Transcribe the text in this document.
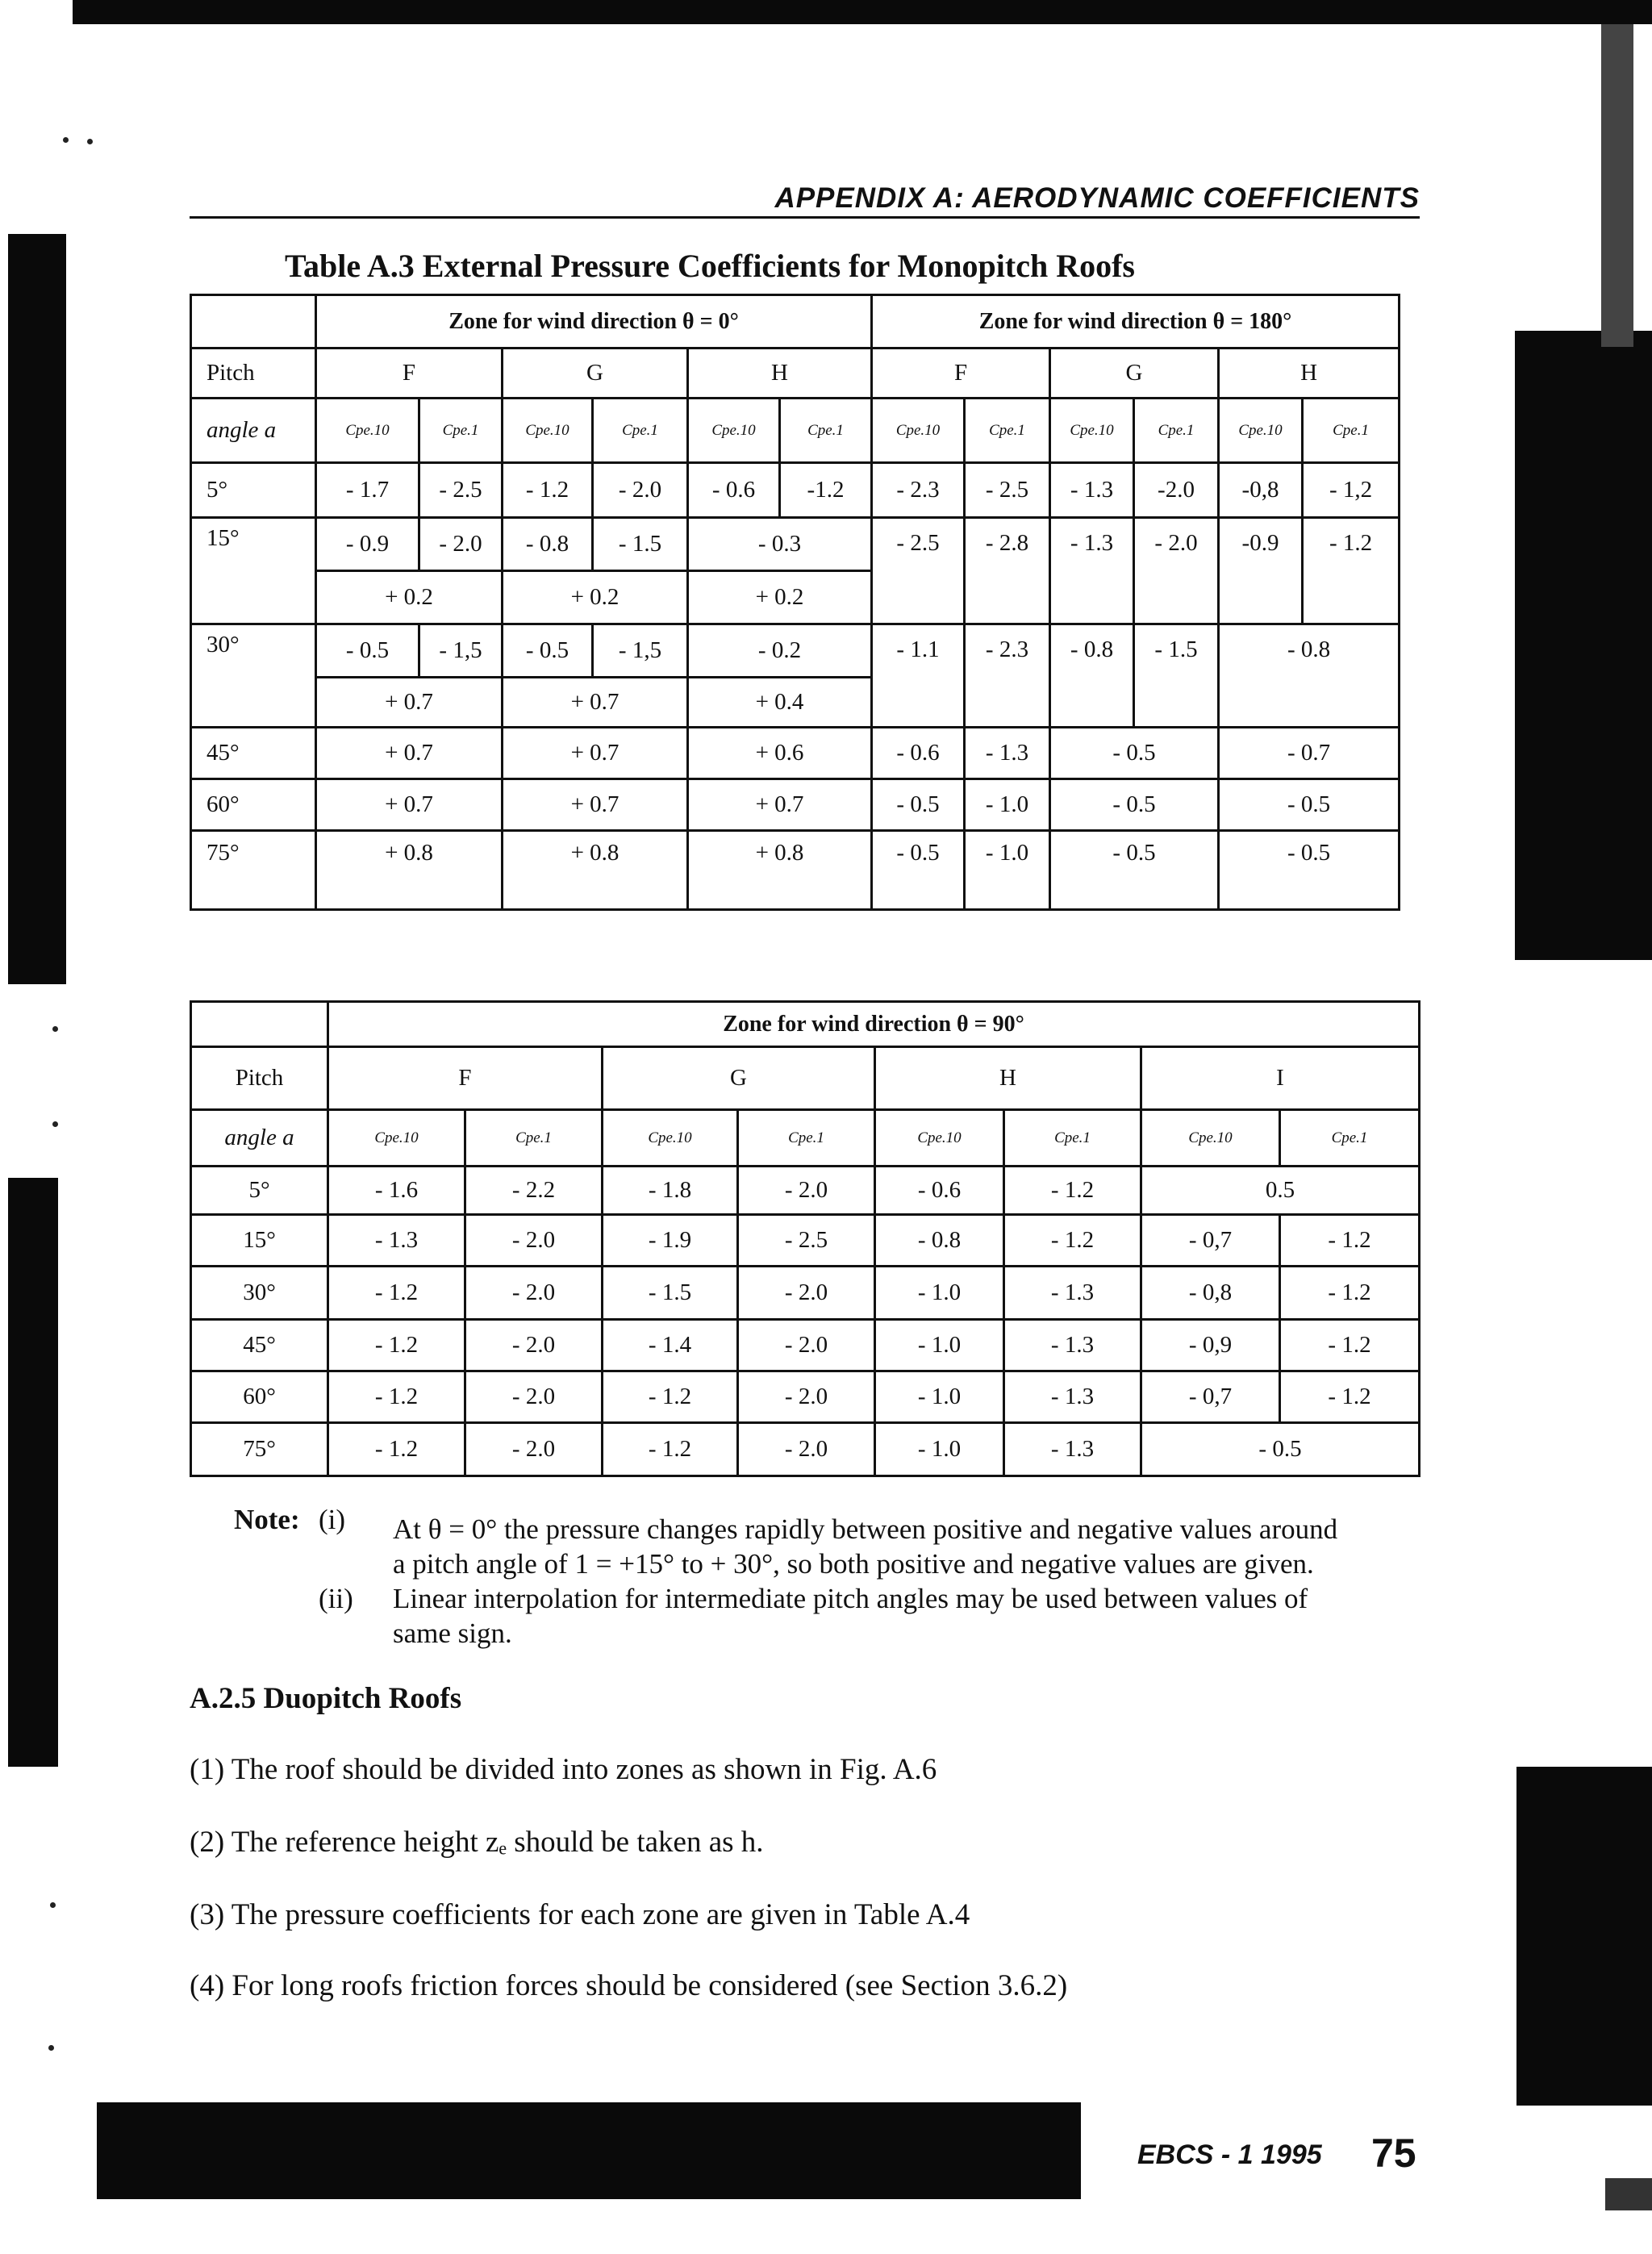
APPENDIX A: AERODYNAMIC COEFFICIENTS
Table A.3 External Pressure Coefficients for Monopitch Roofs
	Zone for wind direction θ = 0°						Zone for wind direction θ = 180°					
Pitch	F		G		H		F		G		H	
angle a	Cpe.10	Cpe.1	Cpe.10	Cpe.1	Cpe.10	Cpe.1	Cpe.10	Cpe.1	Cpe.10	Cpe.1	Cpe.10	Cpe.1
5°	- 1.7	- 2.5	- 1.2	- 2.0	- 0.6	-1.2	- 2.3	- 2.5	- 1.3	-2.0	-0,8	- 1,2
15°	- 0.9	- 2.0	- 0.8	- 1.5	- 0.3		- 2.5	- 2.8	- 1.3	- 2.0	-0.9	- 1.2
	+ 0.2		+ 0.2		+ 0.2							
30°	- 0.5	- 1,5	- 0.5	- 1,5	- 0.2		- 1.1	- 2.3	- 0.8	- 1.5	- 0.8	
	+ 0.7		+ 0.7		+ 0.4							
45°	+ 0.7		+ 0.7		+ 0.6		- 0.6	- 1.3	- 0.5		- 0.7	
60°	+ 0.7		+ 0.7		+ 0.7		- 0.5	- 1.0	- 0.5		- 0.5	
75°	+ 0.8		+ 0.8		+ 0.8		- 0.5	- 1.0	- 0.5		- 0.5	
	Zone for wind direction θ = 90°							
Pitch	F		G		H		I	
angle a	Cpe.10	Cpe.1	Cpe.10	Cpe.1	Cpe.10	Cpe.1	Cpe.10	Cpe.1
5°	- 1.6	- 2.2	- 1.8	- 2.0	- 0.6	- 1.2	0.5	
15°	- 1.3	- 2.0	- 1.9	- 2.5	- 0.8	- 1.2	- 0,7	- 1.2
30°	- 1.2	- 2.0	- 1.5	- 2.0	- 1.0	- 1.3	- 0,8	- 1.2
45°	- 1.2	- 2.0	- 1.4	- 2.0	- 1.0	- 1.3	- 0,9	- 1.2
60°	- 1.2	- 2.0	- 1.2	- 2.0	- 1.0	- 1.3	- 0,7	- 1.2
75°	- 1.2	- 2.0	- 1.2	- 2.0	- 1.0	- 1.3	- 0.5	
Note: (i) At θ = 0° the pressure changes rapidly between positive and negative values around
a pitch angle of 1 = +15° to + 30°, so both positive and negative values are given.
(ii) Linear interpolation for intermediate pitch angles may be used between values of
same sign.
A.2.5 Duopitch Roofs
(1) The roof should be divided into zones as shown in Fig. A.6
(2) The reference height zₑ should be taken as h.
(3) The pressure coefficients for each zone are given in Table A.4
(4) For long roofs friction forces should be considered (see Section 3.6.2)
EBCS - 1 1995 75
